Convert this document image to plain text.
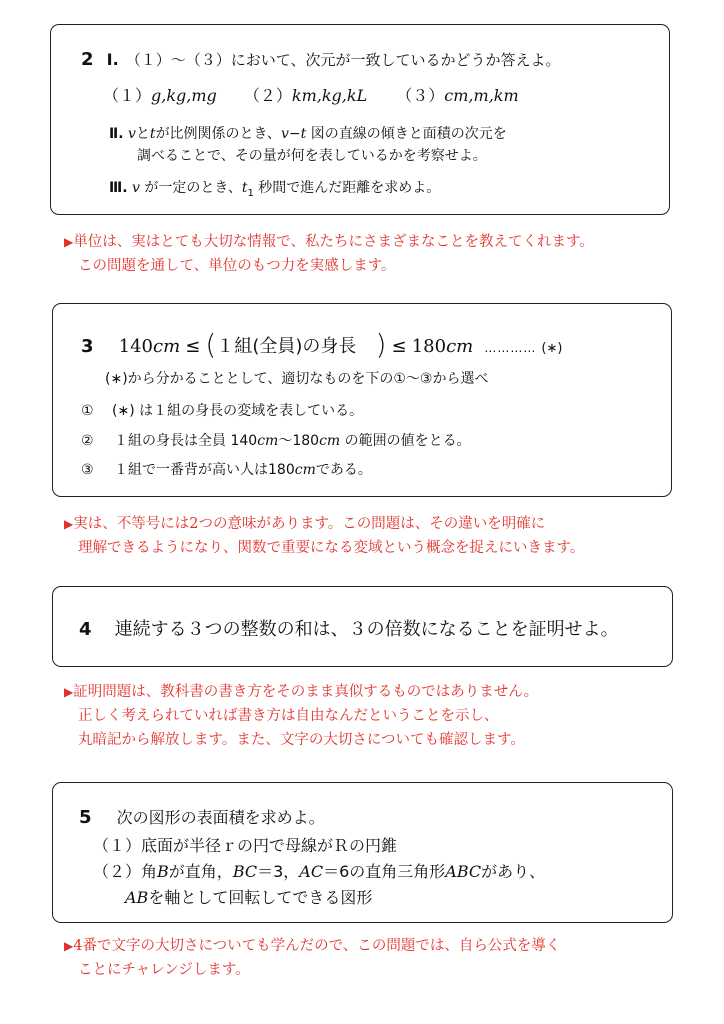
2 Ⅰ. （１）～（３）において、次元が一致しているかどうか答えよ。
（１）g,kg,mg （２）km,kg,kL （３）cm,m,km
Ⅱ. vとtが比例関係のとき、v−t 図の直線の傾きと面積の次元を
調べることで、その量が何を表しているかを考察せよ。
Ⅲ. v が一定のとき、$t_1$ 秒間で進んだ距離を求めよ。
▶単位は、実はとても大切な情報で、私たちにさまざまなことを教えてくれます。
この問題を通して、単位のもつ力を実感します。
3 140cm ≤ (１組(全員)の身長 ) ≤ 180cm ………… (∗)
(∗)から分かることとして、適切なものを下の①～③から選べ
① (∗) は１組の身長の変域を表している。
② １組の身長は全員 140cm～180cm の範囲の値をとる。
③ １組で一番背が高い人は180cmである。
▶実は、不等号には2つの意味があります。この問題は、その違いを明確に
理解できるようになり、関数で重要になる変域という概念を捉えにいきます。
4 連続する３つの整数の和は、３の倍数になることを証明せよ。
▶証明問題は、教科書の書き方をそのまま真似するものではありません。
正しく考えられていれば書き方は自由なんだということを示し、
丸暗記から解放します。また、文字の大切さについても確認します。
5 次の図形の表面積を求めよ。
（１）底面が半径ｒの円で母線がＲの円錐
（２）角Bが直角，BC＝3，AC＝6の直角三角形ABCがあり、
ABを軸として回転してできる図形
▶4番で文字の大切さについても学んだので、この問題では、自ら公式を導く
ことにチャレンジします。
